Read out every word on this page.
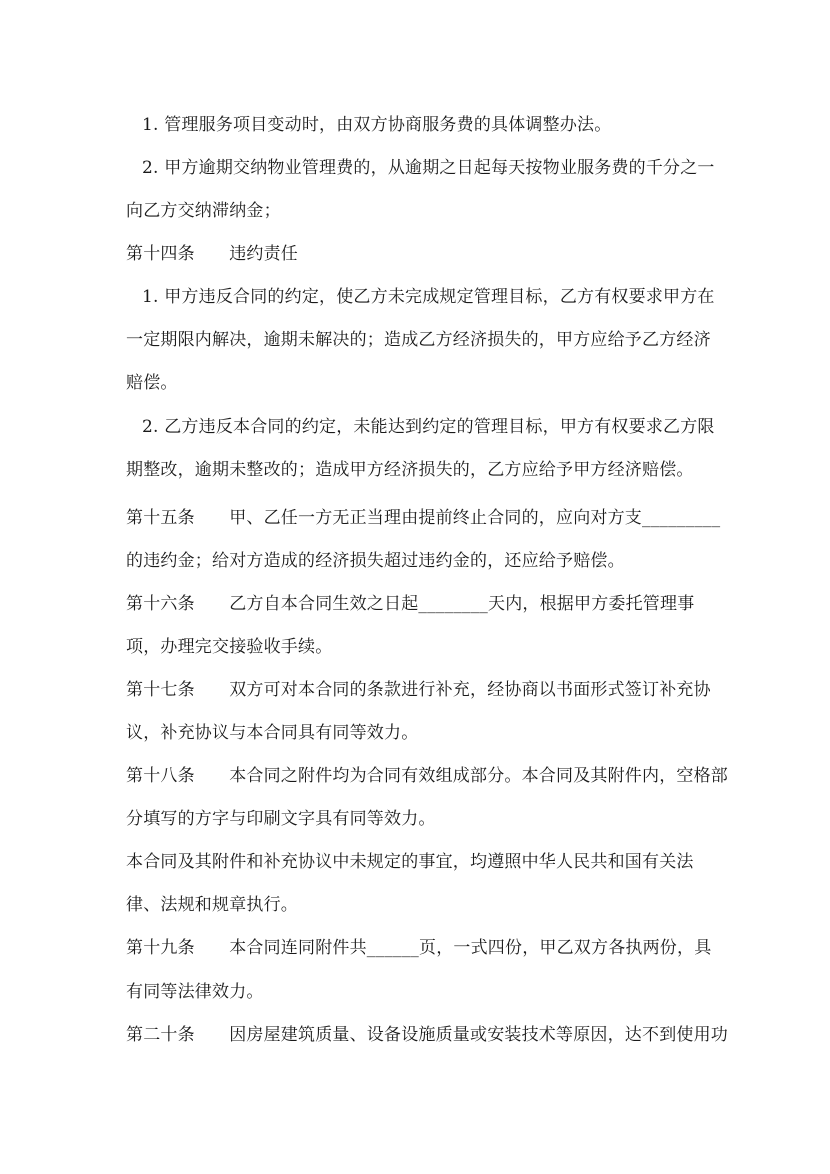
1. 管理服务项目变动时，由双方协商服务费的具体调整办法。
2. 甲方逾期交纳物业管理费的，从逾期之日起每天按物业服务费的千分之一
向乙方交纳滞纳金；
第十四条　　违约责任
1. 甲方违反合同的约定，使乙方未完成规定管理目标，乙方有权要求甲方在
一定期限内解决，逾期未解决的；造成乙方经济损失的，甲方应给予乙方经济
赔偿。
2. 乙方违反本合同的约定，未能达到约定的管理目标，甲方有权要求乙方限
期整改，逾期未整改的；造成甲方经济损失的，乙方应给予甲方经济赔偿。
第十五条　　甲、乙任一方无正当理由提前终止合同的，应向对方支_________
的违约金；给对方造成的经济损失超过违约金的，还应给予赔偿。
第十六条　　乙方自本合同生效之日起________天内，根据甲方委托管理事
项，办理完交接验收手续。
第十七条　　双方可对本合同的条款进行补充，经协商以书面形式签订补充协
议，补充协议与本合同具有同等效力。
第十八条　　本合同之附件均为合同有效组成部分。本合同及其附件内，空格部
分填写的方字与印刷文字具有同等效力。
本合同及其附件和补充协议中未规定的事宜，均遵照中华人民共和国有关法
律、法规和规章执行。
第十九条　　本合同连同附件共______页，一式四份，甲乙双方各执两份，具
有同等法律效力。
第二十条　　因房屋建筑质量、设备设施质量或安装技术等原因，达不到使用功
